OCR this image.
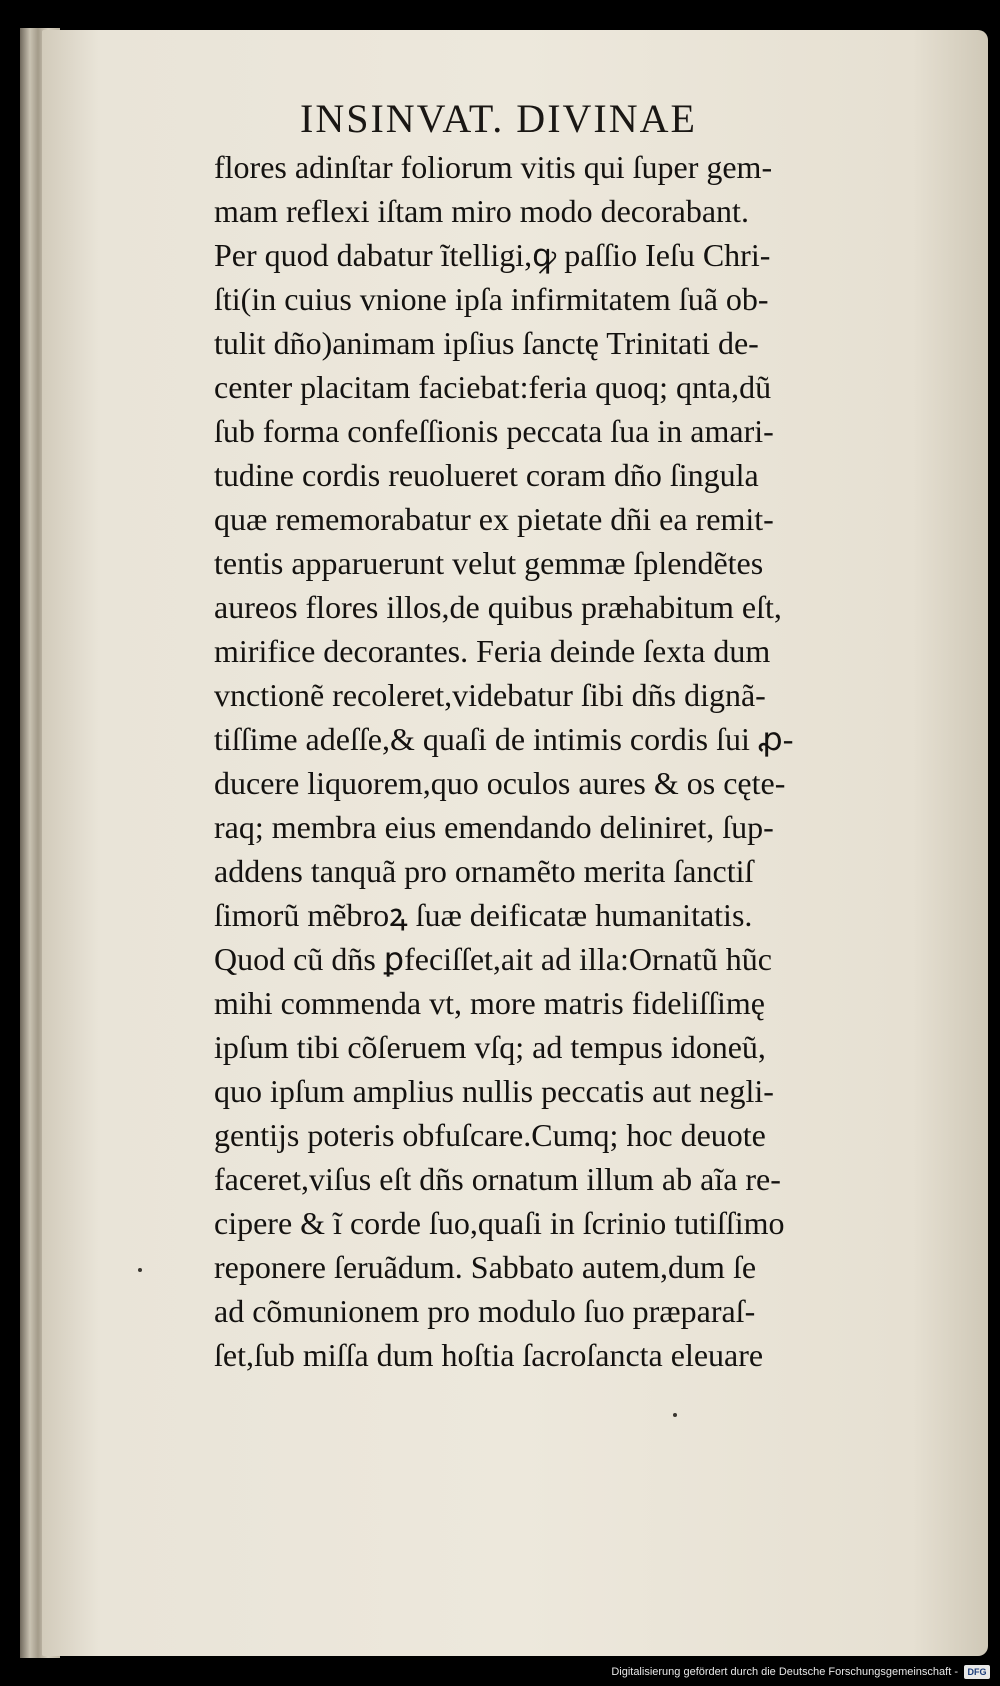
INSINVAT. DIVINAE
flores adinſtar foliorum vitis qui ſuper gem-
mam reflexi iſtam miro modo decorabant.
Per quod dabatur ĩtelligi,ꝙ paſſio Ieſu Chri-
ſti(in cuius vnione ipſa infirmitatem ſuã ob-
tulit dño)animam ipſius ſanctę Trinitati de-
center placitam faciebat:feria quoq; qnta,dũ
ſub forma confeſſionis peccata ſua in amari-
tudine cordis reuolueret coram dño ſingula
quæ rememorabatur ex pietate dñi ea remit-
tentis apparuerunt velut gemmæ ſplendẽtes
aureos flores illos,de quibus præhabitum eſt,
mirifice decorantes. Feria deinde ſexta dum
vnctionẽ recoleret,videbatur ſibi dñs dignã-
tiſſime adeſſe,& quaſi de intimis cordis ſui ꝓ-
ducere liquorem,quo oculos aures & os cęte-
raq; membra eius emendando deliniret, ſup-
addens tanquã pro ornamẽto merita ſanctiſ
ſimorũ mẽbroꝝ ſuæ deificatæ humanitatis.
Quod cũ dñs ꝑfeciſſet,ait ad illa:Ornatũ hũc
mihi commenda vt, more matris fideliſſimę
ipſum tibi cõſeruem vſq; ad tempus idoneũ,
quo ipſum amplius nullis peccatis aut negli-
gentijs poteris obfuſcare.Cumq; hoc deuote
faceret,viſus eſt dñs ornatum illum ab aĩa re-
cipere & ĩ corde ſuo,quaſi in ſcrinio tutiſſimo
reponere ſeruãdum. Sabbato autem,dum ſe
ad cõmunionem pro modulo ſuo præparaſ-
ſet,ſub miſſa dum hoſtia ſacroſancta eleuare
Digitalisierung gefördert durch die Deutsche Forschungsgemeinschaft -	DFG
